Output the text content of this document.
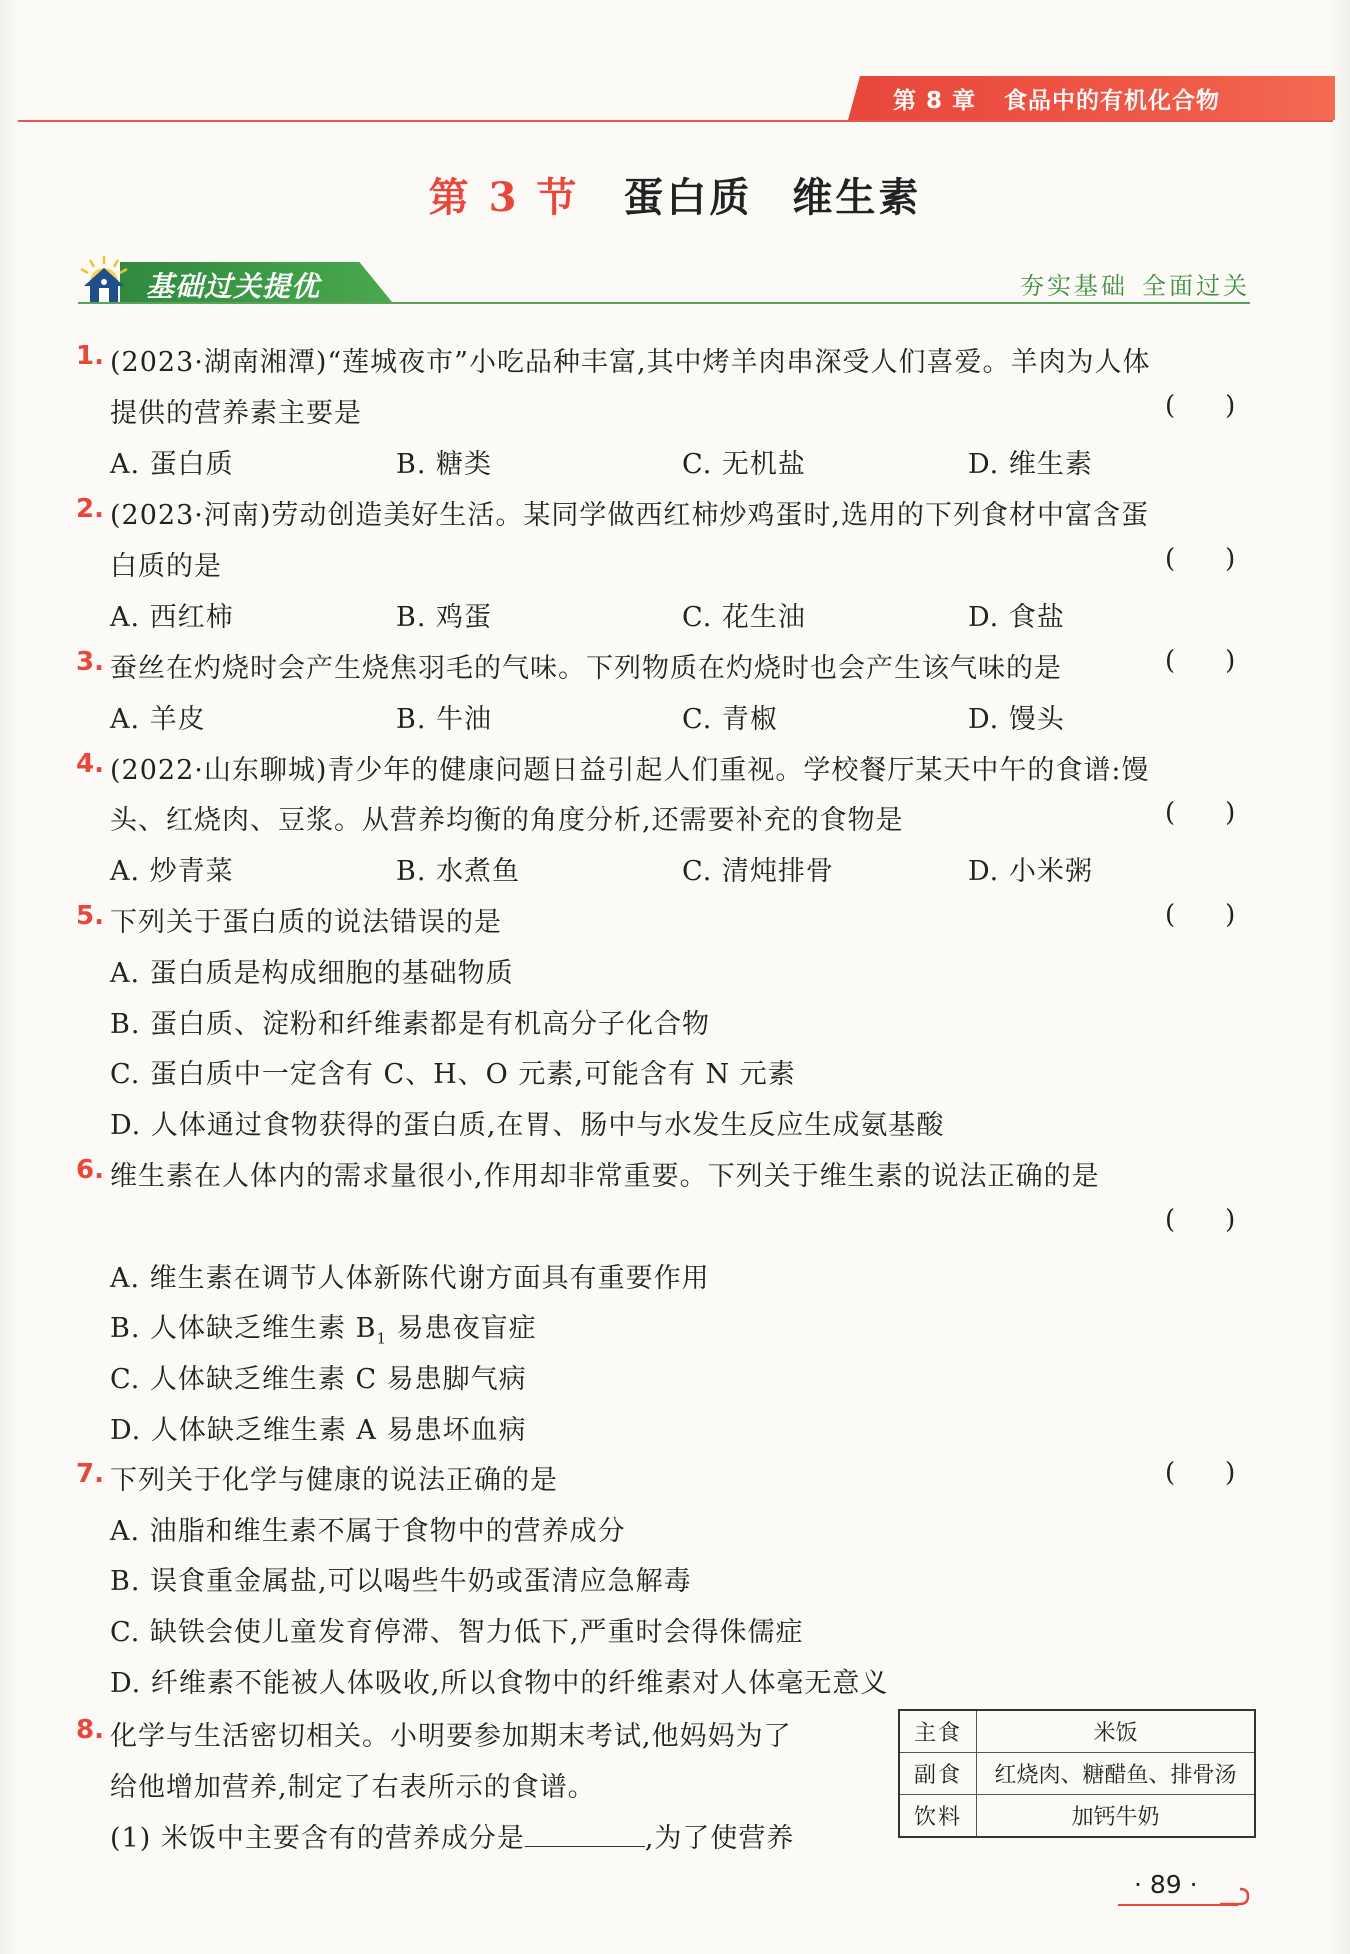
第 8 章 食品中的有机化合物
第 3 节 蛋白质 维生素
基础过关提优	夯实基础 全面过关
1. (2023·湖南湘潭)“莲城夜市”小吃品种丰富,其中烤羊肉串深受人们喜爱。羊肉为人体
提供的营养素主要是	( )
A. 蛋白质	B. 糖类	C. 无机盐	D. 维生素
2. (2023·河南)劳动创造美好生活。某同学做西红柿炒鸡蛋时,选用的下列食材中富含蛋
白质的是	( )
A. 西红柿	B. 鸡蛋	C. 花生油	D. 食盐
3. 蚕丝在灼烧时会产生烧焦羽毛的气味。下列物质在灼烧时也会产生该气味的是	( )
A. 羊皮	B. 牛油	C. 青椒	D. 馒头
4. (2022·山东聊城)青少年的健康问题日益引起人们重视。学校餐厅某天中午的食谱:馒
头、红烧肉、豆浆。从营养均衡的角度分析,还需要补充的食物是	( )
A. 炒青菜	B. 水煮鱼	C. 清炖排骨	D. 小米粥
5. 下列关于蛋白质的说法错误的是	( )
A. 蛋白质是构成细胞的基础物质
B. 蛋白质、淀粉和纤维素都是有机高分子化合物
C. 蛋白质中一定含有 C、H、O 元素,可能含有 N 元素
D. 人体通过食物获得的蛋白质,在胃、肠中与水发生反应生成氨基酸
6. 维生素在人体内的需求量很小,作用却非常重要。下列关于维生素的说法正确的是
( )
A. 维生素在调节人体新陈代谢方面具有重要作用
B. 人体缺乏维生素 $B_1$ 易患夜盲症
C. 人体缺乏维生素 C 易患脚气病
D. 人体缺乏维生素 A 易患坏血病
7. 下列关于化学与健康的说法正确的是	( )
A. 油脂和维生素不属于食物中的营养成分
B. 误食重金属盐,可以喝些牛奶或蛋清应急解毒
C. 缺铁会使儿童发育停滞、智力低下,严重时会得侏儒症
D. 纤维素不能被人体吸收,所以食物中的纤维素对人体毫无意义
8. 化学与生活密切相关。小明要参加期末考试,他妈妈为了
给他增加营养,制定了右表所示的食谱。
(1) 米饭中主要含有的营养成分是	,为了使营养
主食	米饭
副食	红烧肉、糖醋鱼、排骨汤
饮料	加钙牛奶
· 89 ·
